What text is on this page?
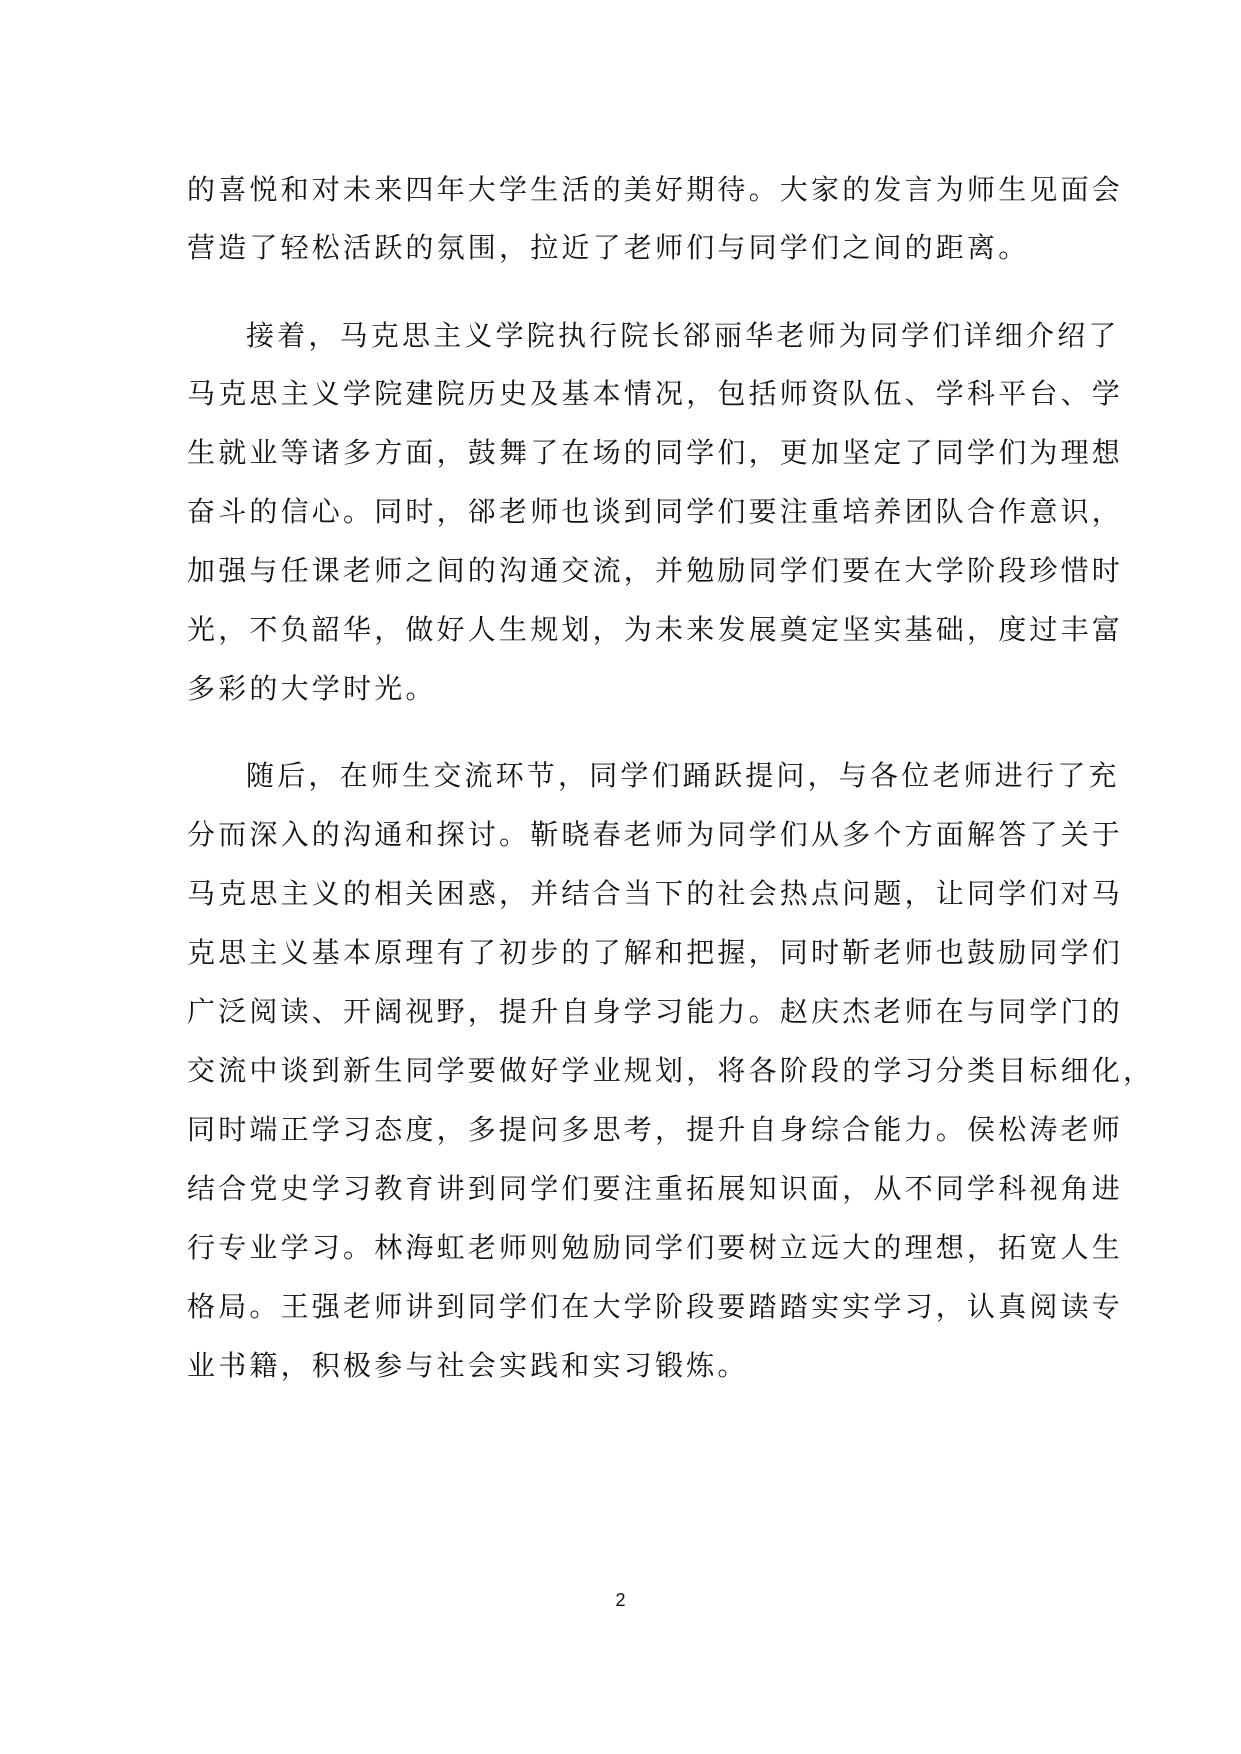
的喜悦和对未来四年大学生活的美好期待。大家的发言为师生见面会
营造了轻松活跃的氛围，拉近了老师们与同学们之间的距离。
接着，马克思主义学院执行院长郤丽华老师为同学们详细介绍了
马克思主义学院建院历史及基本情况，包括师资队伍、学科平台、学
生就业等诸多方面，鼓舞了在场的同学们，更加坚定了同学们为理想
奋斗的信心。同时，郤老师也谈到同学们要注重培养团队合作意识，
加强与任课老师之间的沟通交流，并勉励同学们要在大学阶段珍惜时
光，不负韶华，做好人生规划，为未来发展奠定坚实基础，度过丰富
多彩的大学时光。
随后，在师生交流环节，同学们踊跃提问，与各位老师进行了充
分而深入的沟通和探讨。靳晓春老师为同学们从多个方面解答了关于
马克思主义的相关困惑，并结合当下的社会热点问题，让同学们对马
克思主义基本原理有了初步的了解和把握，同时靳老师也鼓励同学们
广泛阅读、开阔视野，提升自身学习能力。赵庆杰老师在与同学门的
交流中谈到新生同学要做好学业规划，将各阶段的学习分类目标细化，
同时端正学习态度，多提问多思考，提升自身综合能力。侯松涛老师
结合党史学习教育讲到同学们要注重拓展知识面，从不同学科视角进
行专业学习。林海虹老师则勉励同学们要树立远大的理想，拓宽人生
格局。王强老师讲到同学们在大学阶段要踏踏实实学习，认真阅读专
业书籍，积极参与社会实践和实习锻炼。
2
